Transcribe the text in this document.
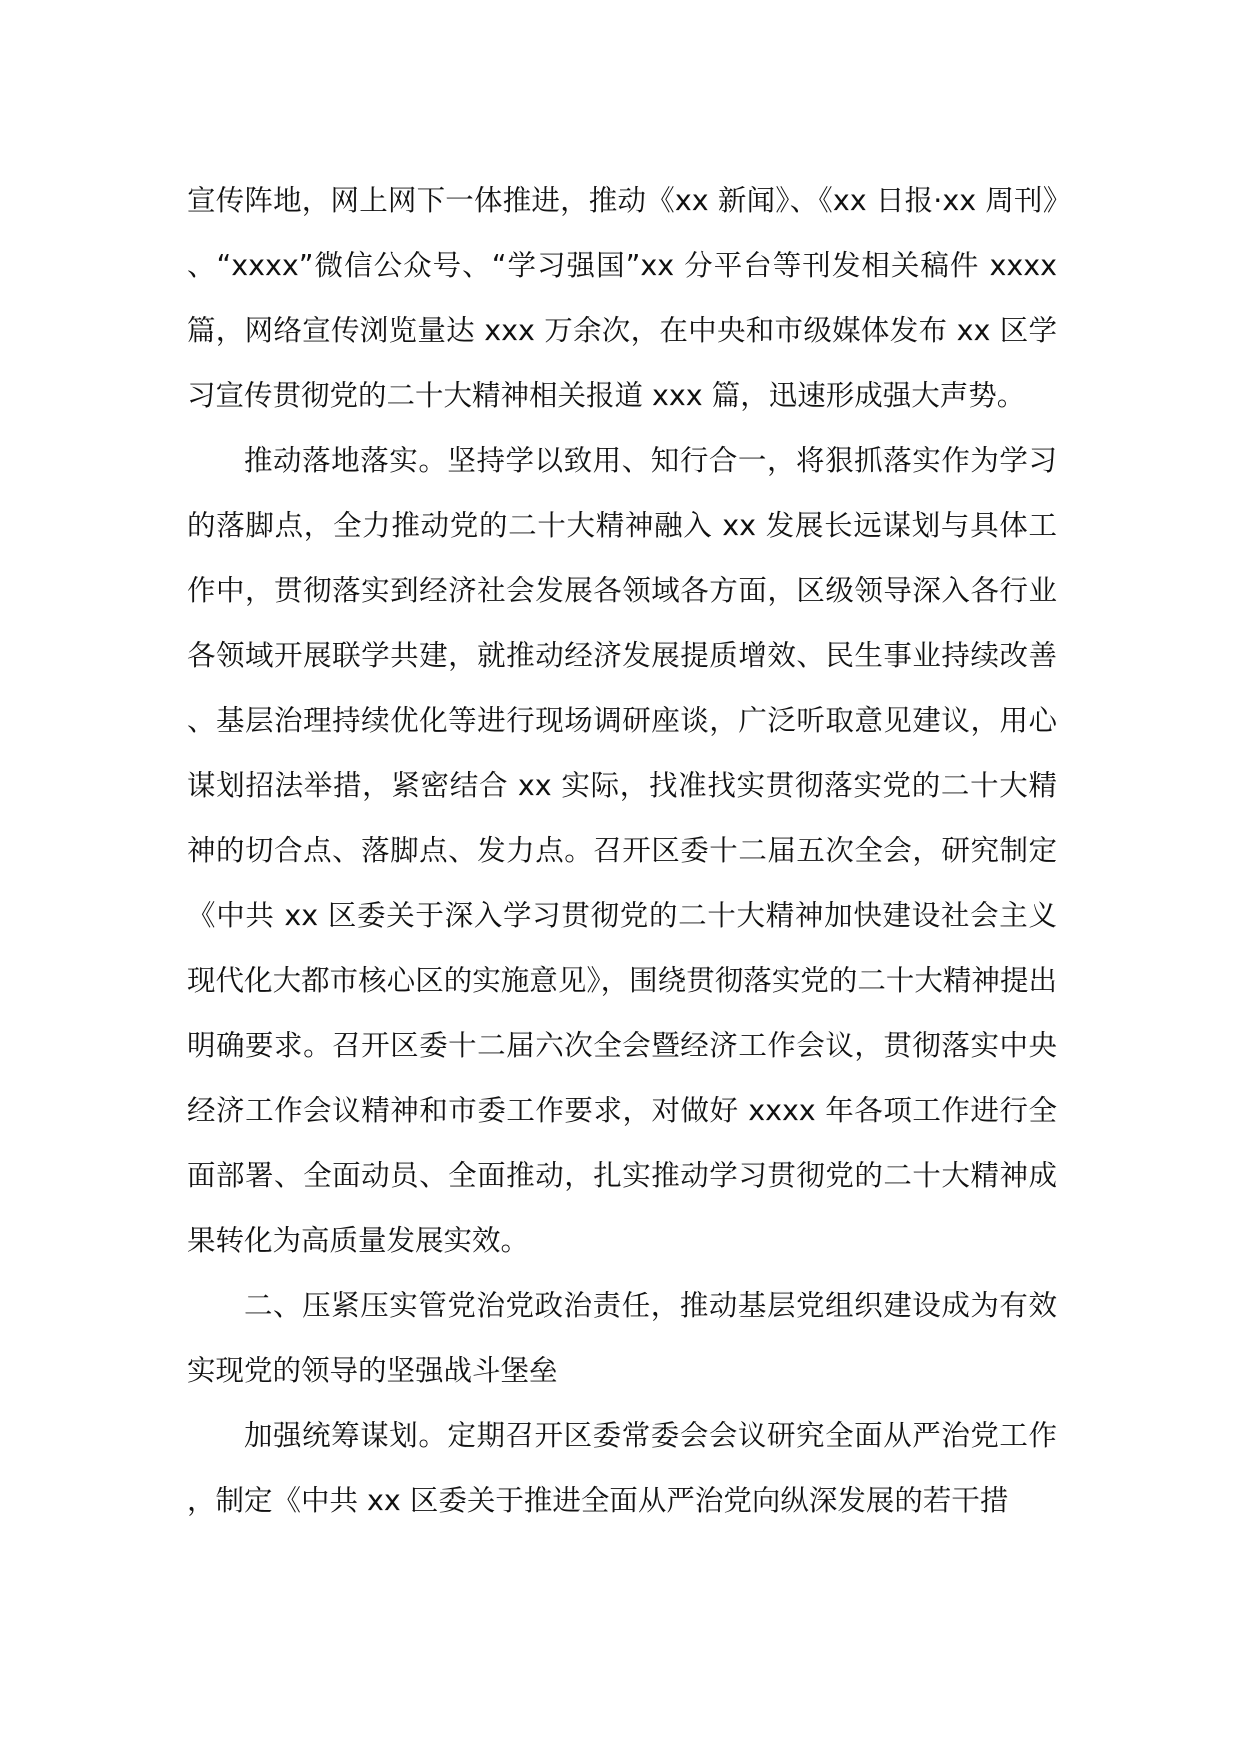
宣传阵地，网上网下一体推进，推动《xx 新闻》、《xx 日报·xx 周刊》、“xxxx”微信公众号、“学习强国”xx 分平台等刊发相关稿件 xxxx 篇，网络宣传浏览量达 xxx 万余次，在中央和市级媒体发布 xx 区学习宣传贯彻党的二十大精神相关报道 xxx 篇，迅速形成强大声势。

推动落地落实。坚持学以致用、知行合一，将狠抓落实作为学习的落脚点，全力推动党的二十大精神融入 xx 发展长远谋划与具体工作中，贯彻落实到经济社会发展各领域各方面，区级领导深入各行业各领域开展联学共建，就推动经济发展提质增效、民生事业持续改善、基层治理持续优化等进行现场调研座谈，广泛听取意见建议，用心谋划招法举措，紧密结合 xx 实际，找准找实贯彻落实党的二十大精神的切合点、落脚点、发力点。召开区委十二届五次全会，研究制定《中共 xx 区委关于深入学习贯彻党的二十大精神加快建设社会主义现代化大都市核心区的实施意见》，围绕贯彻落实党的二十大精神提出明确要求。召开区委十二届六次全会暨经济工作会议，贯彻落实中央经济工作会议精神和市委工作要求，对做好 xxxx 年各项工作进行全面部署、全面动员、全面推动，扎实推动学习贯彻党的二十大精神成果转化为高质量发展实效。

二、压紧压实管党治党政治责任，推动基层党组织建设成为有效实现党的领导的坚强战斗堡垒

加强统筹谋划。定期召开区委常委会会议研究全面从严治党工作，制定《中共 xx 区委关于推进全面从严治党向纵深发展的若干措
